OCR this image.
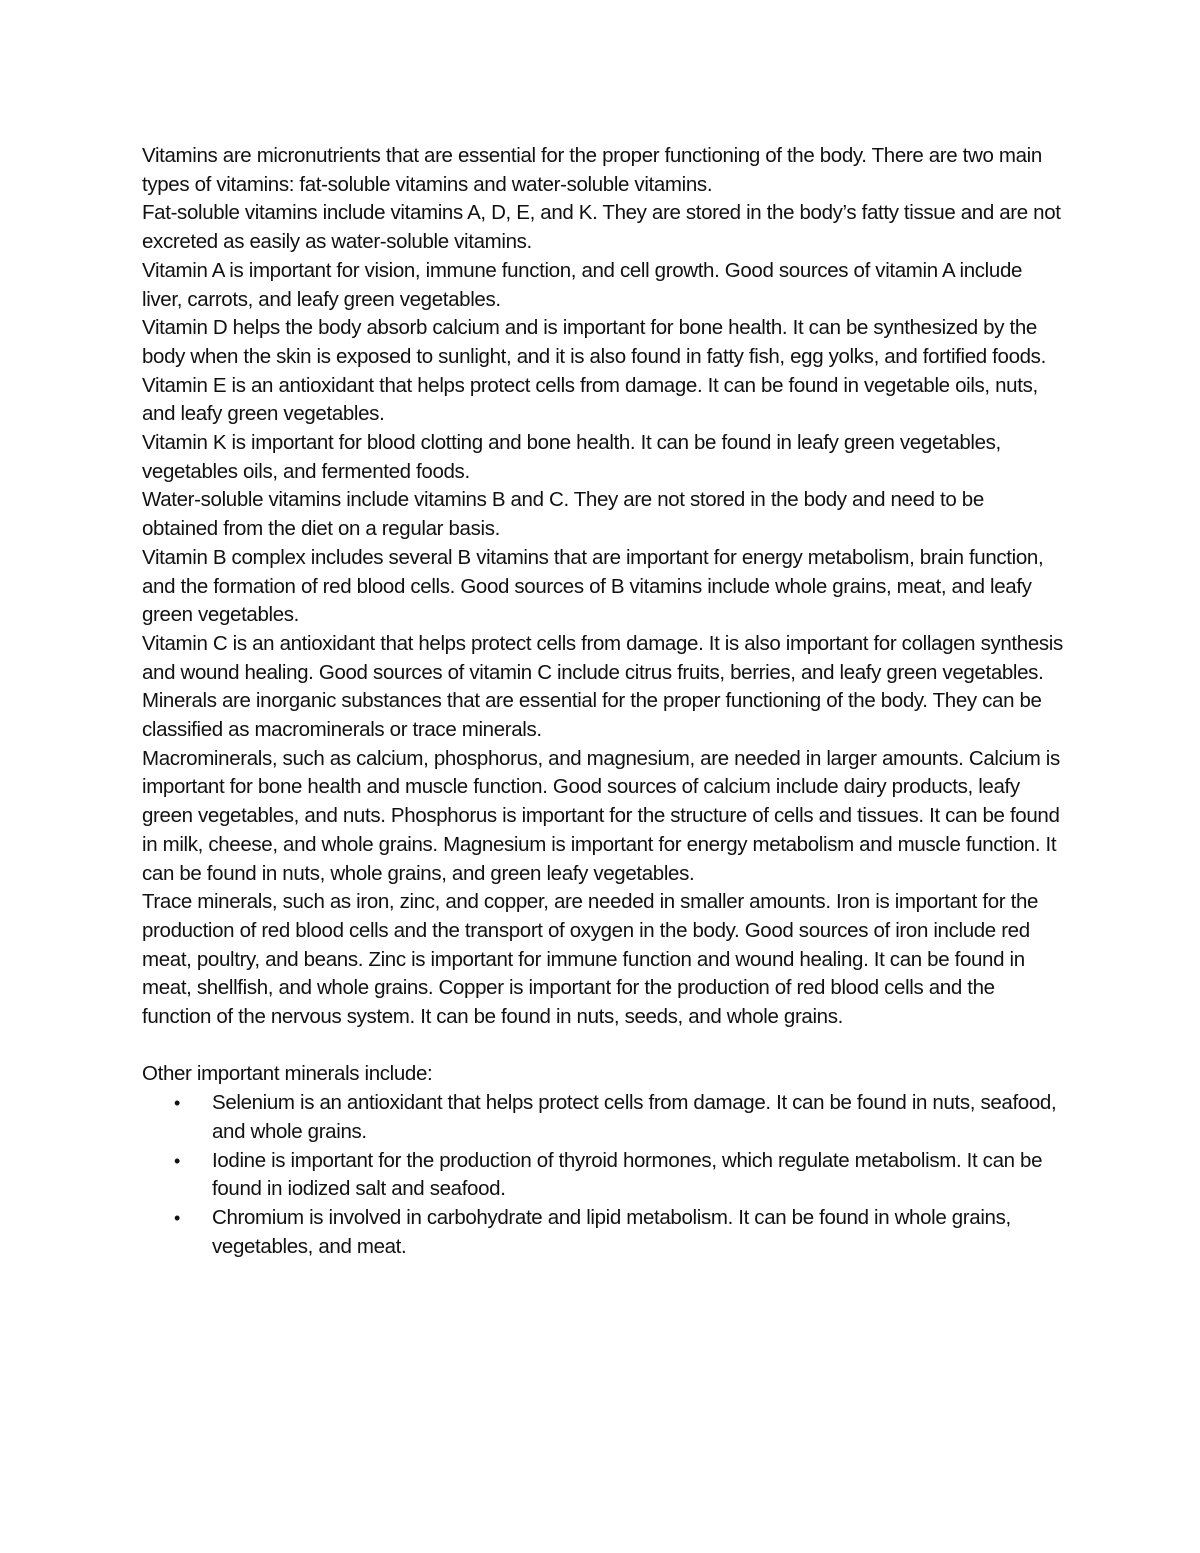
Vitamins are micronutrients that are essential for the proper functioning of the body. There are two main types of vitamins: fat-soluble vitamins and water-soluble vitamins.

Fat-soluble vitamins include vitamins A, D, E, and K. They are stored in the body’s fatty tissue and are not excreted as easily as water-soluble vitamins.

Vitamin A is important for vision, immune function, and cell growth. Good sources of vitamin A include liver, carrots, and leafy green vegetables.

Vitamin D helps the body absorb calcium and is important for bone health. It can be synthesized by the body when the skin is exposed to sunlight, and it is also found in fatty fish, egg yolks, and fortified foods.

Vitamin E is an antioxidant that helps protect cells from damage. It can be found in vegetable oils, nuts, and leafy green vegetables.

Vitamin K is important for blood clotting and bone health. It can be found in leafy green vegetables, vegetables oils, and fermented foods.

Water-soluble vitamins include vitamins B and C. They are not stored in the body and need to be obtained from the diet on a regular basis.

Vitamin B complex includes several B vitamins that are important for energy metabolism, brain function, and the formation of red blood cells. Good sources of B vitamins include whole grains, meat, and leafy green vegetables.

Vitamin C is an antioxidant that helps protect cells from damage. It is also important for collagen synthesis and wound healing. Good sources of vitamin C include citrus fruits, berries, and leafy green vegetables.

Minerals are inorganic substances that are essential for the proper functioning of the body. They can be classified as macrominerals or trace minerals.

Macrominerals, such as calcium, phosphorus, and magnesium, are needed in larger amounts. Calcium is important for bone health and muscle function. Good sources of calcium include dairy products, leafy green vegetables, and nuts. Phosphorus is important for the structure of cells and tissues. It can be found in milk, cheese, and whole grains. Magnesium is important for energy metabolism and muscle function. It can be found in nuts, whole grains, and green leafy vegetables.

Trace minerals, such as iron, zinc, and copper, are needed in smaller amounts. Iron is important for the production of red blood cells and the transport of oxygen in the body. Good sources of iron include red meat, poultry, and beans. Zinc is important for immune function and wound healing. It can be found in meat, shellfish, and whole grains. Copper is important for the production of red blood cells and the function of the nervous system. It can be found in nuts, seeds, and whole grains.

Other important minerals include:

• Selenium is an antioxidant that helps protect cells from damage. It can be found in nuts, seafood, and whole grains.
• Iodine is important for the production of thyroid hormones, which regulate metabolism. It can be found in iodized salt and seafood.
• Chromium is involved in carbohydrate and lipid metabolism. It can be found in whole grains, vegetables, and meat.
